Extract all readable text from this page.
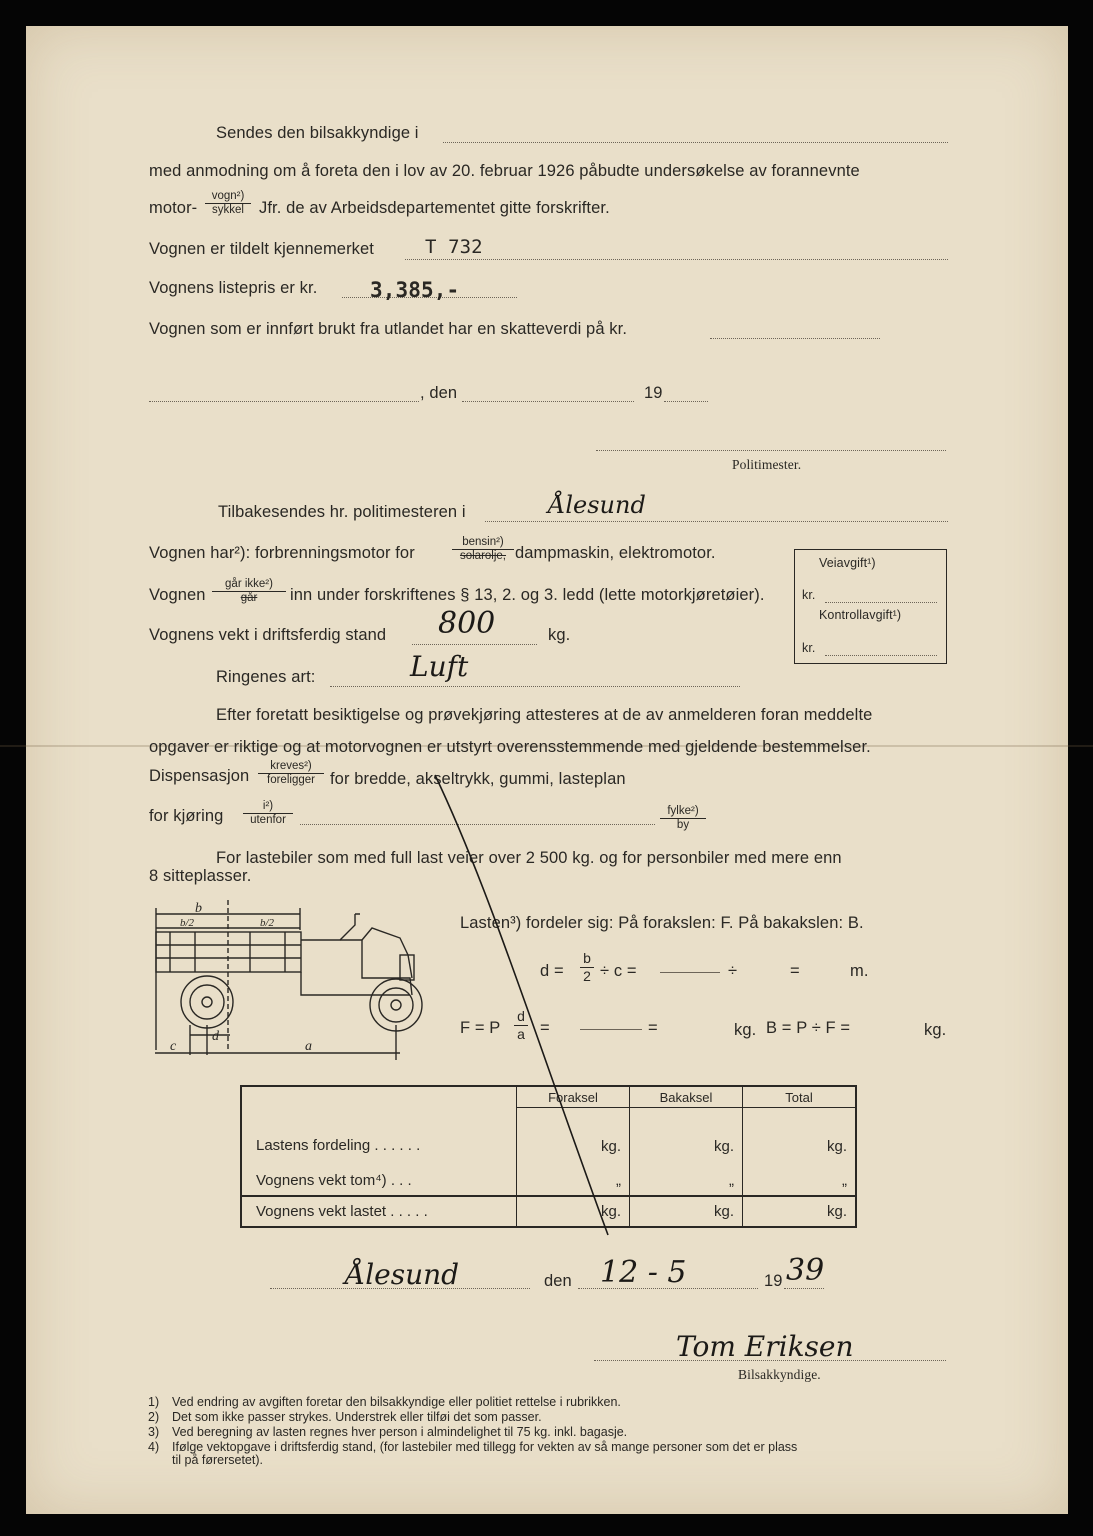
Sendes den bilsakkyndige i
med anmodning om å foreta den i lov av 20. februar 1926 påbudte undersøkelse av forannevnte
motor-
vogn²)
sykkel Jfr. de av Arbeidsdepartementet gitte forskrifter.
Vognen er tildelt kjennemerket	T 732
Vognens listepris er kr.	3,385,-
Vognen som er innført brukt fra utlandet har en skatteverdi på kr.
, den	19
Politimester.
Tilbakesendes hr. politimesteren i	Ålesund
Vognen har²): forbrenningsmotor for
bensin²)
solarolje, dampmaskin, elektromotor.
Vognen
går ikke²)
går	inn under forskriftenes § 13, 2. og 3. ledd (lette motorkjøretøier).
Vognens vekt i driftsferdig stand 800	kg.
Ringenes art:	Luft
Veiavgift¹)
kr.
Kontrollavgift¹)
kr.
Efter foretatt besiktigelse og prøvekjøring attesteres at de av anmelderen foran meddelte
opgaver er riktige og at motorvognen er utstyrt overensstemmende med gjeldende bestemmelser.
Dispensasjon
kreves²)
foreligger for bredde, akseltrykk, gummi, lasteplan
for kjøring
i²)
utenfor
fylke²)
by
For lastebiler som med full last veier over 2 500 kg. og for personbiler med mere enn
8 sitteplasser.
b
b/2	b/2
c
d
a
Lasten³) fordeler sig: På forakslen: F. På bakakslen: B.
$d = \frac{b}{2} \div c$ =	÷	=	m.
F = P $\frac{d}{a}$ =	=	kg. B = P ÷ F =	kg.
	Foraksel	Bakaksel	Total
Lastens fordeling . . . . . .	kg.	kg.	kg.
Vognens vekt tom⁴) . . .	„	„	„
Vognens vekt lastet . . . . .	kg.	kg.	kg.
Ålesund	den 12 - 5	19 39
Tom Eriksen
Bilsakkyndige.
1) Ved endring av avgiften foretar den bilsakkyndige eller politiet rettelse i rubrikken.
2) Det som ikke passer strykes. Understrek eller tilføi det som passer.
3) Ved beregning av lasten regnes hver person i almindelighet til 75 kg. inkl. bagasje.
4) Ifølge vektopgave i driftsferdig stand, (for lastebiler med tillegg for vekten av så mange personer som det er plass
til på førersetet).
